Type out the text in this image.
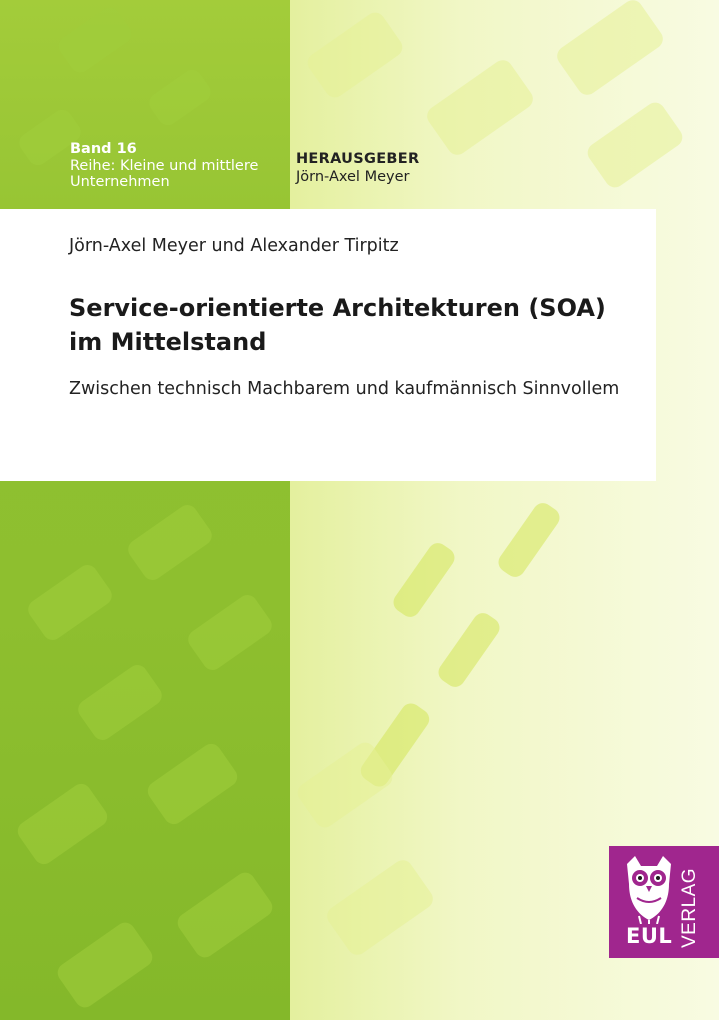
Band 16
Reihe: Kleine und mittlere
Unternehmen
HERAUSGEBER
Jörn-Axel Meyer
Jörn-Axel Meyer und Alexander Tirpitz
Service-orientierte Architekturen (SOA)
im Mittelstand
Zwischen technisch Machbarem und kaufmännisch Sinnvollem
EUL VERLAG
